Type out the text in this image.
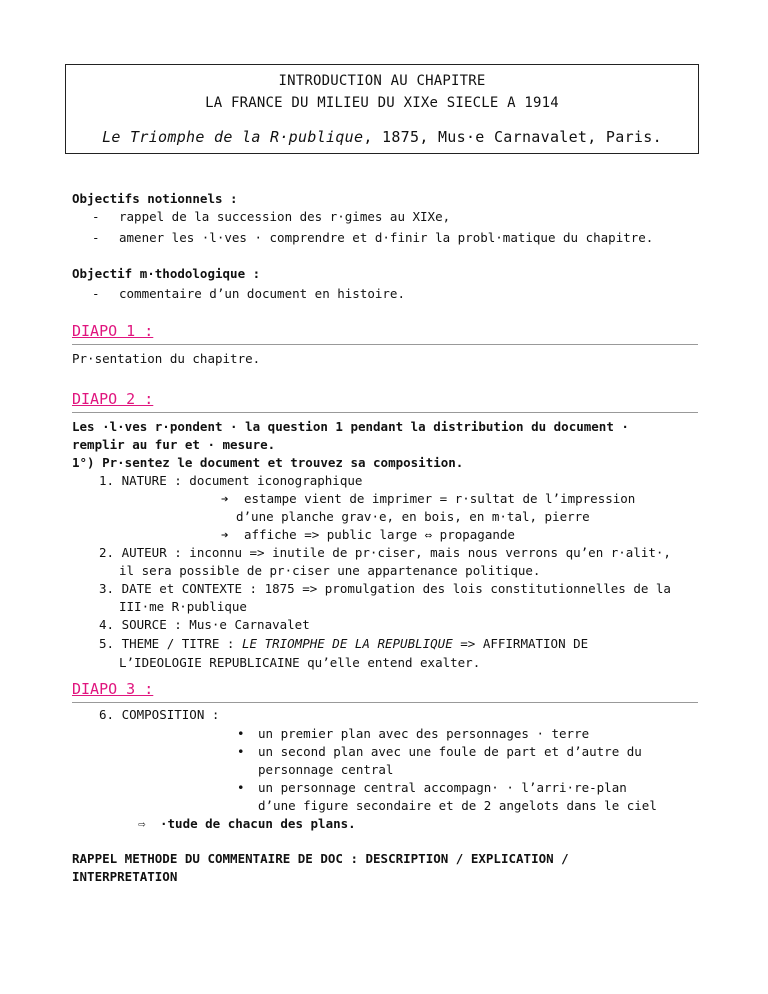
INTRODUCTION AU CHAPITRE
LA FRANCE DU MILIEU DU XIXe SIECLE A 1914
Le Triomphe de la R·publique, 1875, Mus·e Carnavalet, Paris.
Objectifs notionnels :
- rappel de la succession des r·gimes au XIXe,
- amener les ·l·ves · comprendre et d·finir la probl·matique du chapitre.
Objectif m·thodologique :
- commentaire d’un document en histoire.
DIAPO 1 :
Pr·sentation du chapitre.
DIAPO 2 :
Les ·l·ves r·pondent · la question 1 pendant la distribution du document ·
remplir au fur et · mesure.
1°) Pr·sentez le document et trouvez sa composition.
1. NATURE : document iconographique
➔ estampe vient de imprimer = r·sultat de l’impression
d’une planche grav·e, en bois, en m·tal, pierre
➔ affiche => public large ⇔ propagande
2. AUTEUR : inconnu => inutile de pr·ciser, mais nous verrons qu’en r·alit·,
il sera possible de pr·ciser une appartenance politique.
3. DATE et CONTEXTE : 1875 => promulgation des lois constitutionnelles de la
III·me R·publique
4. SOURCE : Mus·e Carnavalet
5. THEME / TITRE : LE TRIOMPHE DE LA REPUBLIQUE => AFFIRMATION DE
L’IDEOLOGIE REPUBLICAINE qu’elle entend exalter.
DIAPO 3 :
6. COMPOSITION :
• un premier plan avec des personnages · terre
• un second plan avec une foule de part et d’autre du
personnage central
• un personnage central accompagn· · l’arri·re-plan
d’une figure secondaire et de 2 angelots dans le ciel
⇨ ·tude de chacun des plans.
RAPPEL METHODE DU COMMENTAIRE DE DOC : DESCRIPTION / EXPLICATION /
INTERPRETATION
